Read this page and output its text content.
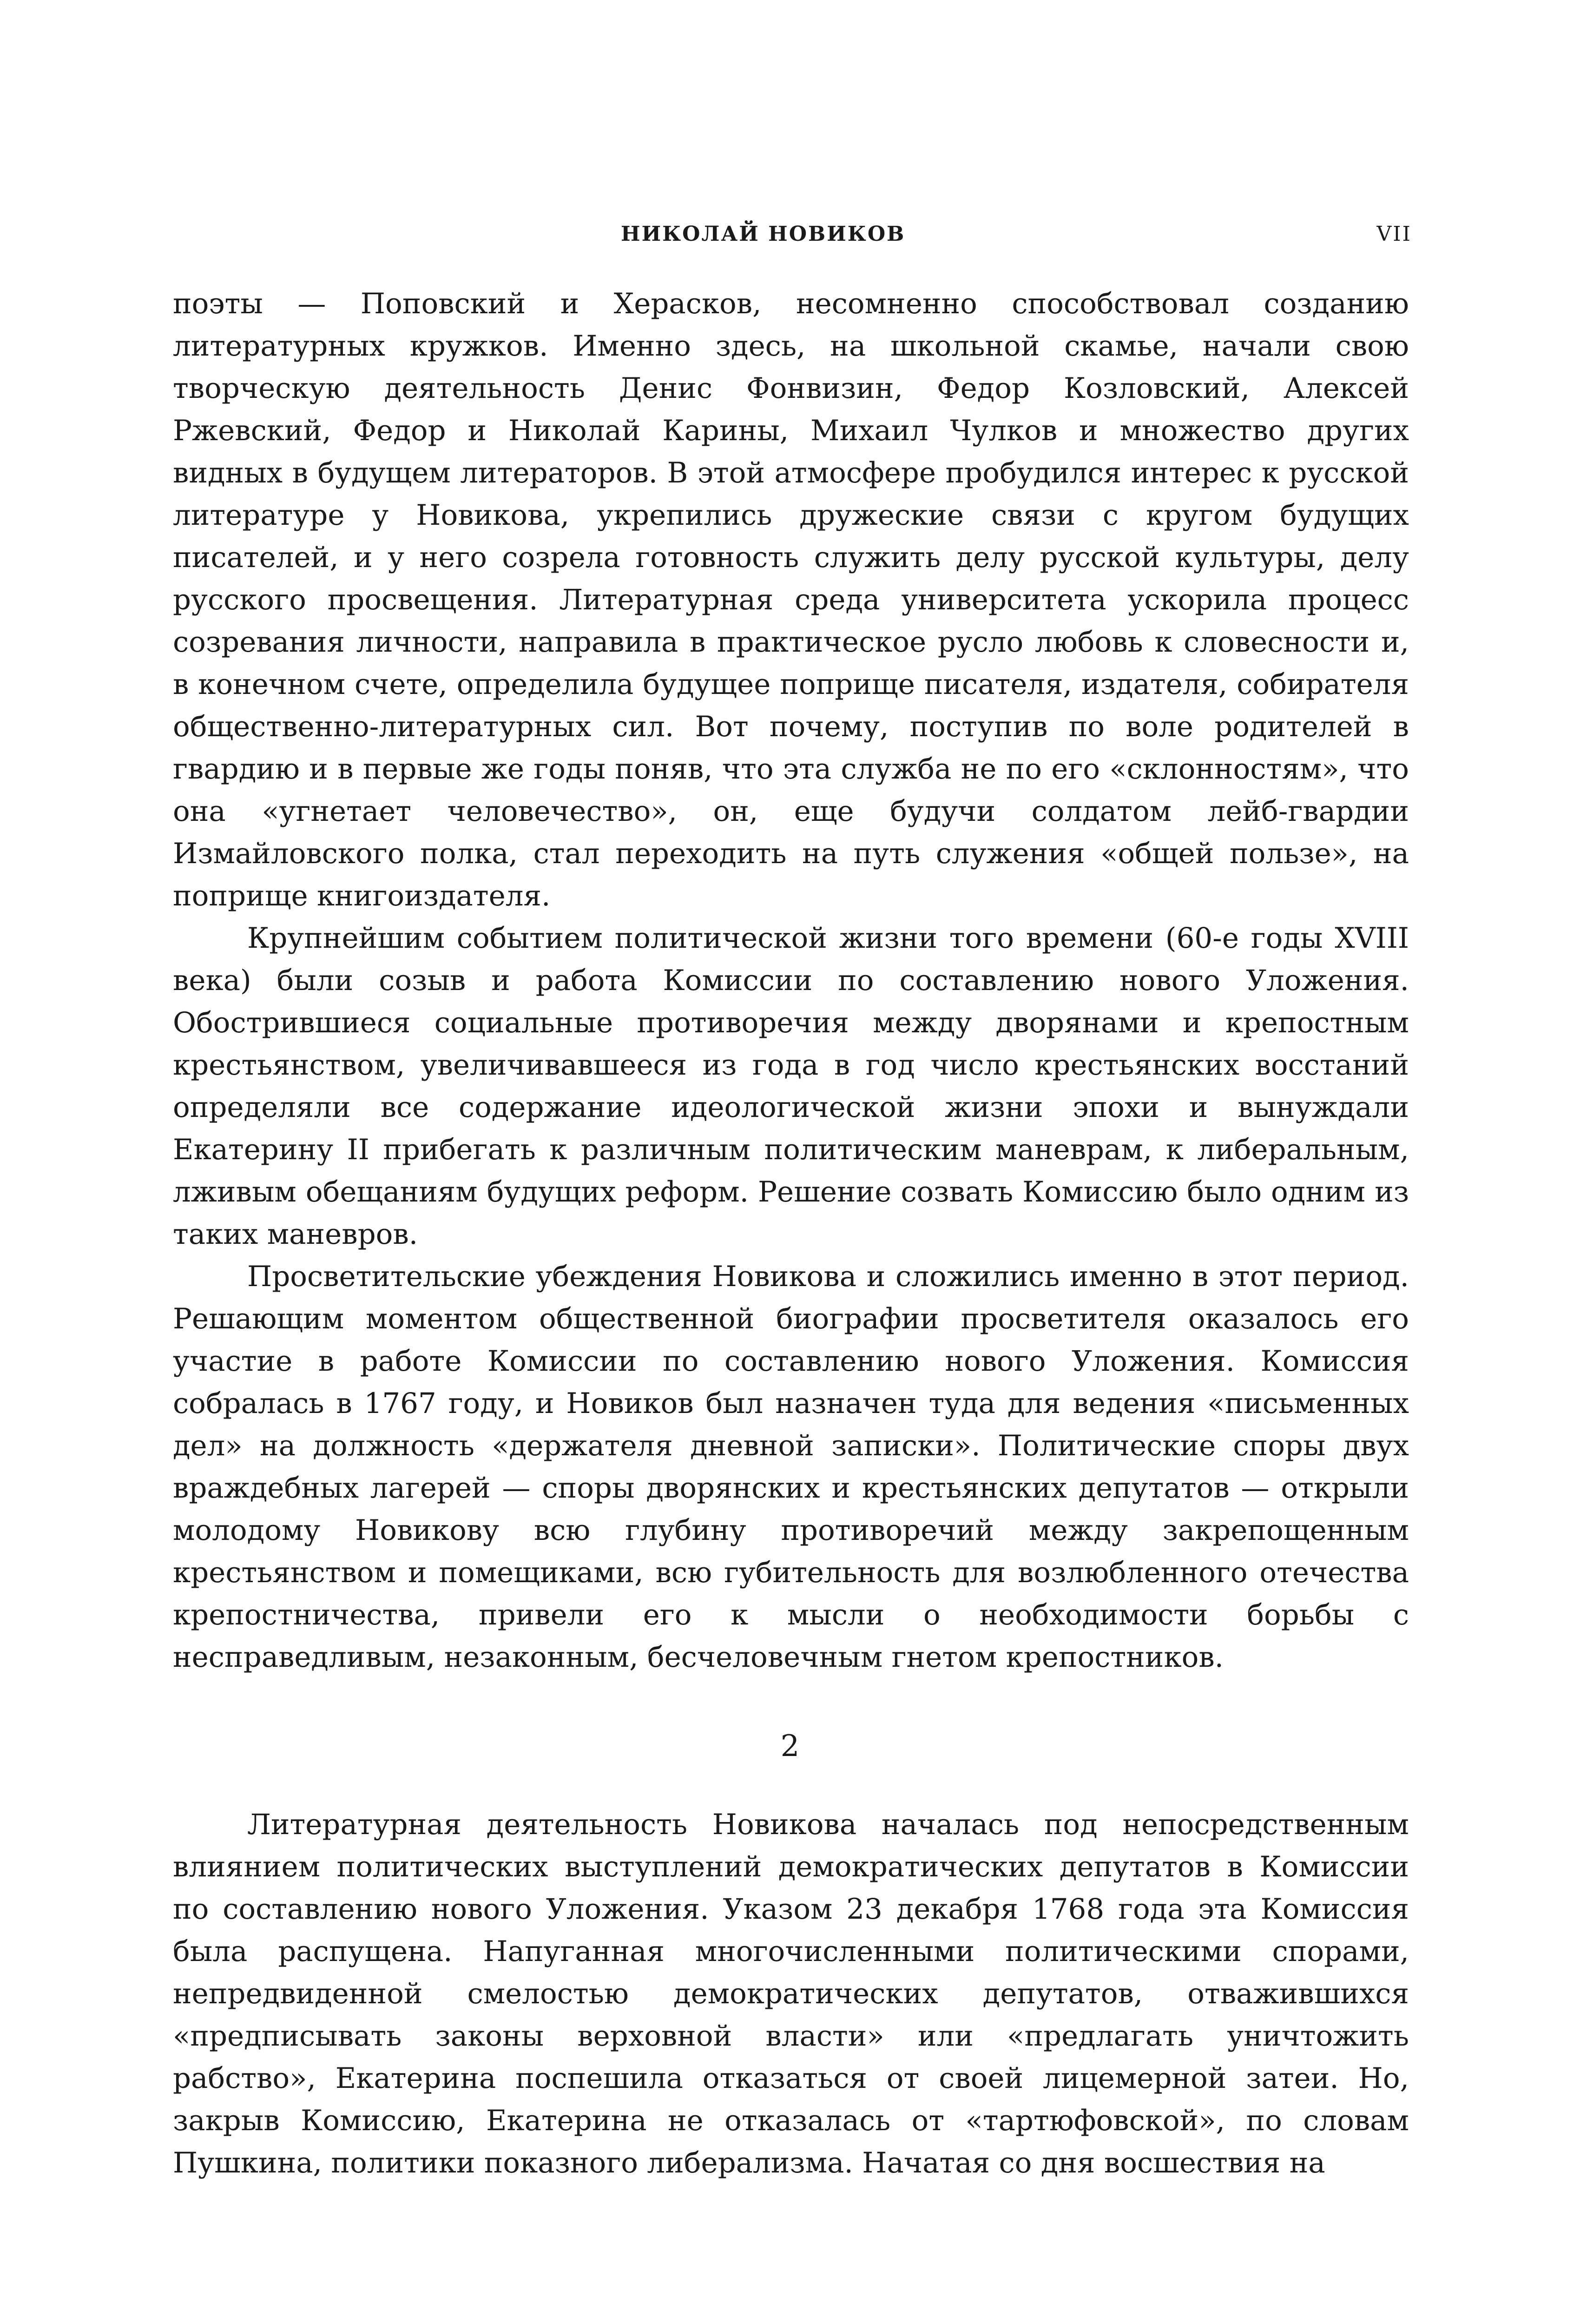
НИКОЛАЙ НОВИКОВ	VII

поэты — Поповский и Херасков, несомненно способствовал созданию литературных кружков. Именно здесь, на школьной скамье, начали свою творческую деятельность Денис Фонвизин, Федор Козловский, Алексей Ржевский, Федор и Николай Карины, Михаил Чулков и множество других видных в будущем литераторов. В этой атмосфере пробудился интерес к русской литературе у Новикова, укрепились дружеские связи с кругом будущих писателей, и у него созрела готовность служить делу русской культуры, делу русского просвещения. Литературная среда университета ускорила процесс созревания личности, направила в практическое русло любовь к словесности и, в конечном счете, определила будущее поприще писателя, издателя, собирателя общественно-литературных сил. Вот почему, поступив по воле родителей в гвардию и в первые же годы поняв, что эта служба не по его «склонностям», что она «угнетает человечество», он, еще будучи солдатом лейб-гвардии Измайловского полка, стал переходить на путь служения «общей пользе», на поприще книгоиздателя.

Крупнейшим событием политической жизни того времени (60-е годы XVIII века) были созыв и работа Комиссии по составлению нового Уложения. Обострившиеся социальные противоречия между дворянами и крепостным крестьянством, увеличивавшееся из года в год число крестьянских восстаний определяли все содержание идеологической жизни эпохи и вынуждали Екатерину II прибегать к различным политическим маневрам, к либеральным, лживым обещаниям будущих реформ. Решение созвать Комиссию было одним из таких маневров.

Просветительские убеждения Новикова и сложились именно в этот период. Решающим моментом общественной биографии просветителя оказалось его участие в работе Комиссии по составлению нового Уложения. Комиссия собралась в 1767 году, и Новиков был назначен туда для ведения «письменных дел» на должность «держателя дневной записки». Политические споры двух враждебных лагерей — споры дворянских и крестьянских депутатов — открыли молодому Новикову всю глубину противоречий между закрепощенным крестьянством и помещиками, всю губительность для возлюбленного отечества крепостничества, привели его к мысли о необходимости борьбы с несправедливым, незаконным, бесчеловечным гнетом крепостников.

2

Литературная деятельность Новикова началась под непосредственным влиянием политических выступлений демократических депутатов в Комиссии по составлению нового Уложения. Указом 23 декабря 1768 года эта Комиссия была распущена. Напуганная многочисленными политическими спорами, непредвиденной смелостью демократических депутатов, отважившихся «предписывать законы верховной власти» или «предлагать уничтожить рабство», Екатерина поспешила отказаться от своей лицемерной затеи. Но, закрыв Комиссию, Екатерина не отказалась от «тартюфовской», по словам Пушкина, политики показного либерализма. Начатая со дня восшествия на
